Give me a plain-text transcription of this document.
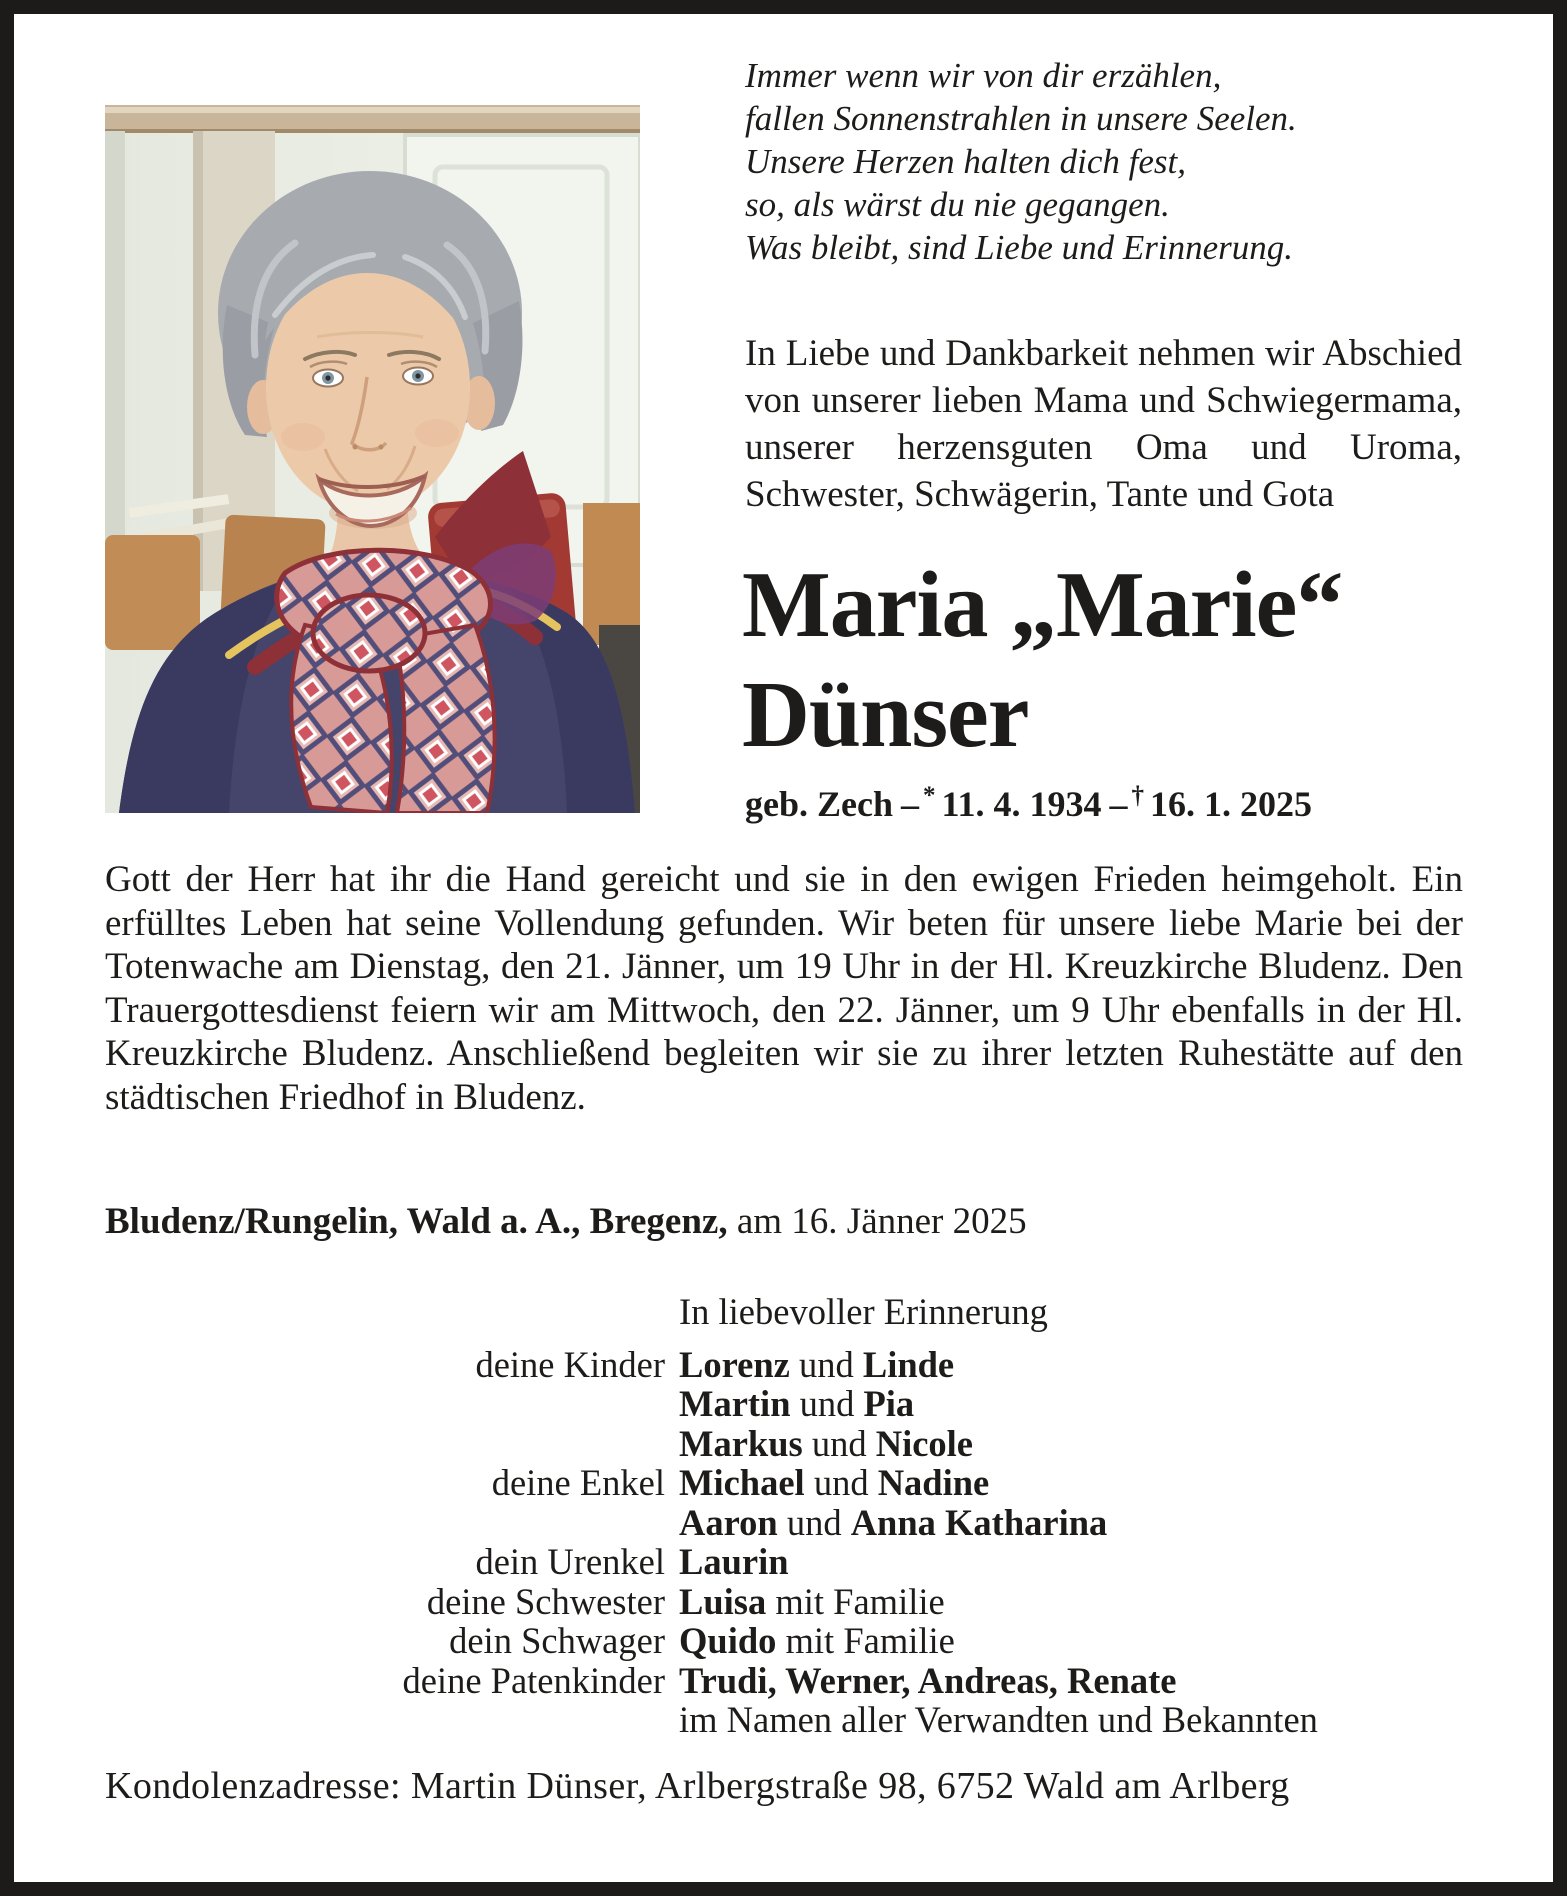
Immer wenn wir von dir erzählen,
fallen Sonnenstrahlen in unsere Seelen.
Unsere Herzen halten dich fest,
so, als wärst du nie gegangen.
Was bleibt, sind Liebe und Erinnerung.

In Liebe und Dankbarkeit nehmen wir Abschied von unserer lieben Mama und Schwiegermama, unserer herzensguten Oma und Uroma, Schwester, Schwägerin, Tante und Gota

Maria „Marie“
Dünser
geb. Zech – * 11. 4. 1934 – † 16. 1. 2025

Gott der Herr hat ihr die Hand gereicht und sie in den ewigen Frieden heimgeholt. Ein erfülltes Leben hat seine Vollendung gefunden. Wir beten für unsere liebe Marie bei der Totenwache am Dienstag, den 21. Jänner, um 19 Uhr in der Hl. Kreuzkirche Bludenz. Den Trauergottesdienst feiern wir am Mittwoch, den 22. Jänner, um 9 Uhr ebenfalls in der Hl. Kreuzkirche Bludenz. Anschließend begleiten wir sie zu ihrer letzten Ruhestätte auf den städtischen Friedhof in Bludenz.

Bludenz/Rungelin, Wald a. A., Bregenz, am 16. Jänner 2025

In liebevoller Erinnerung
deine Kinder Lorenz und Linde
Martin und Pia
Markus und Nicole
deine Enkel Michael und Nadine
Aaron und Anna Katharina
dein Urenkel Laurin
deine Schwester Luisa mit Familie
dein Schwager Quido mit Familie
deine Patenkinder Trudi, Werner, Andreas, Renate
im Namen aller Verwandten und Bekannten

Kondolenzadresse: Martin Dünser, Arlbergstraße 98, 6752 Wald am Arlberg
